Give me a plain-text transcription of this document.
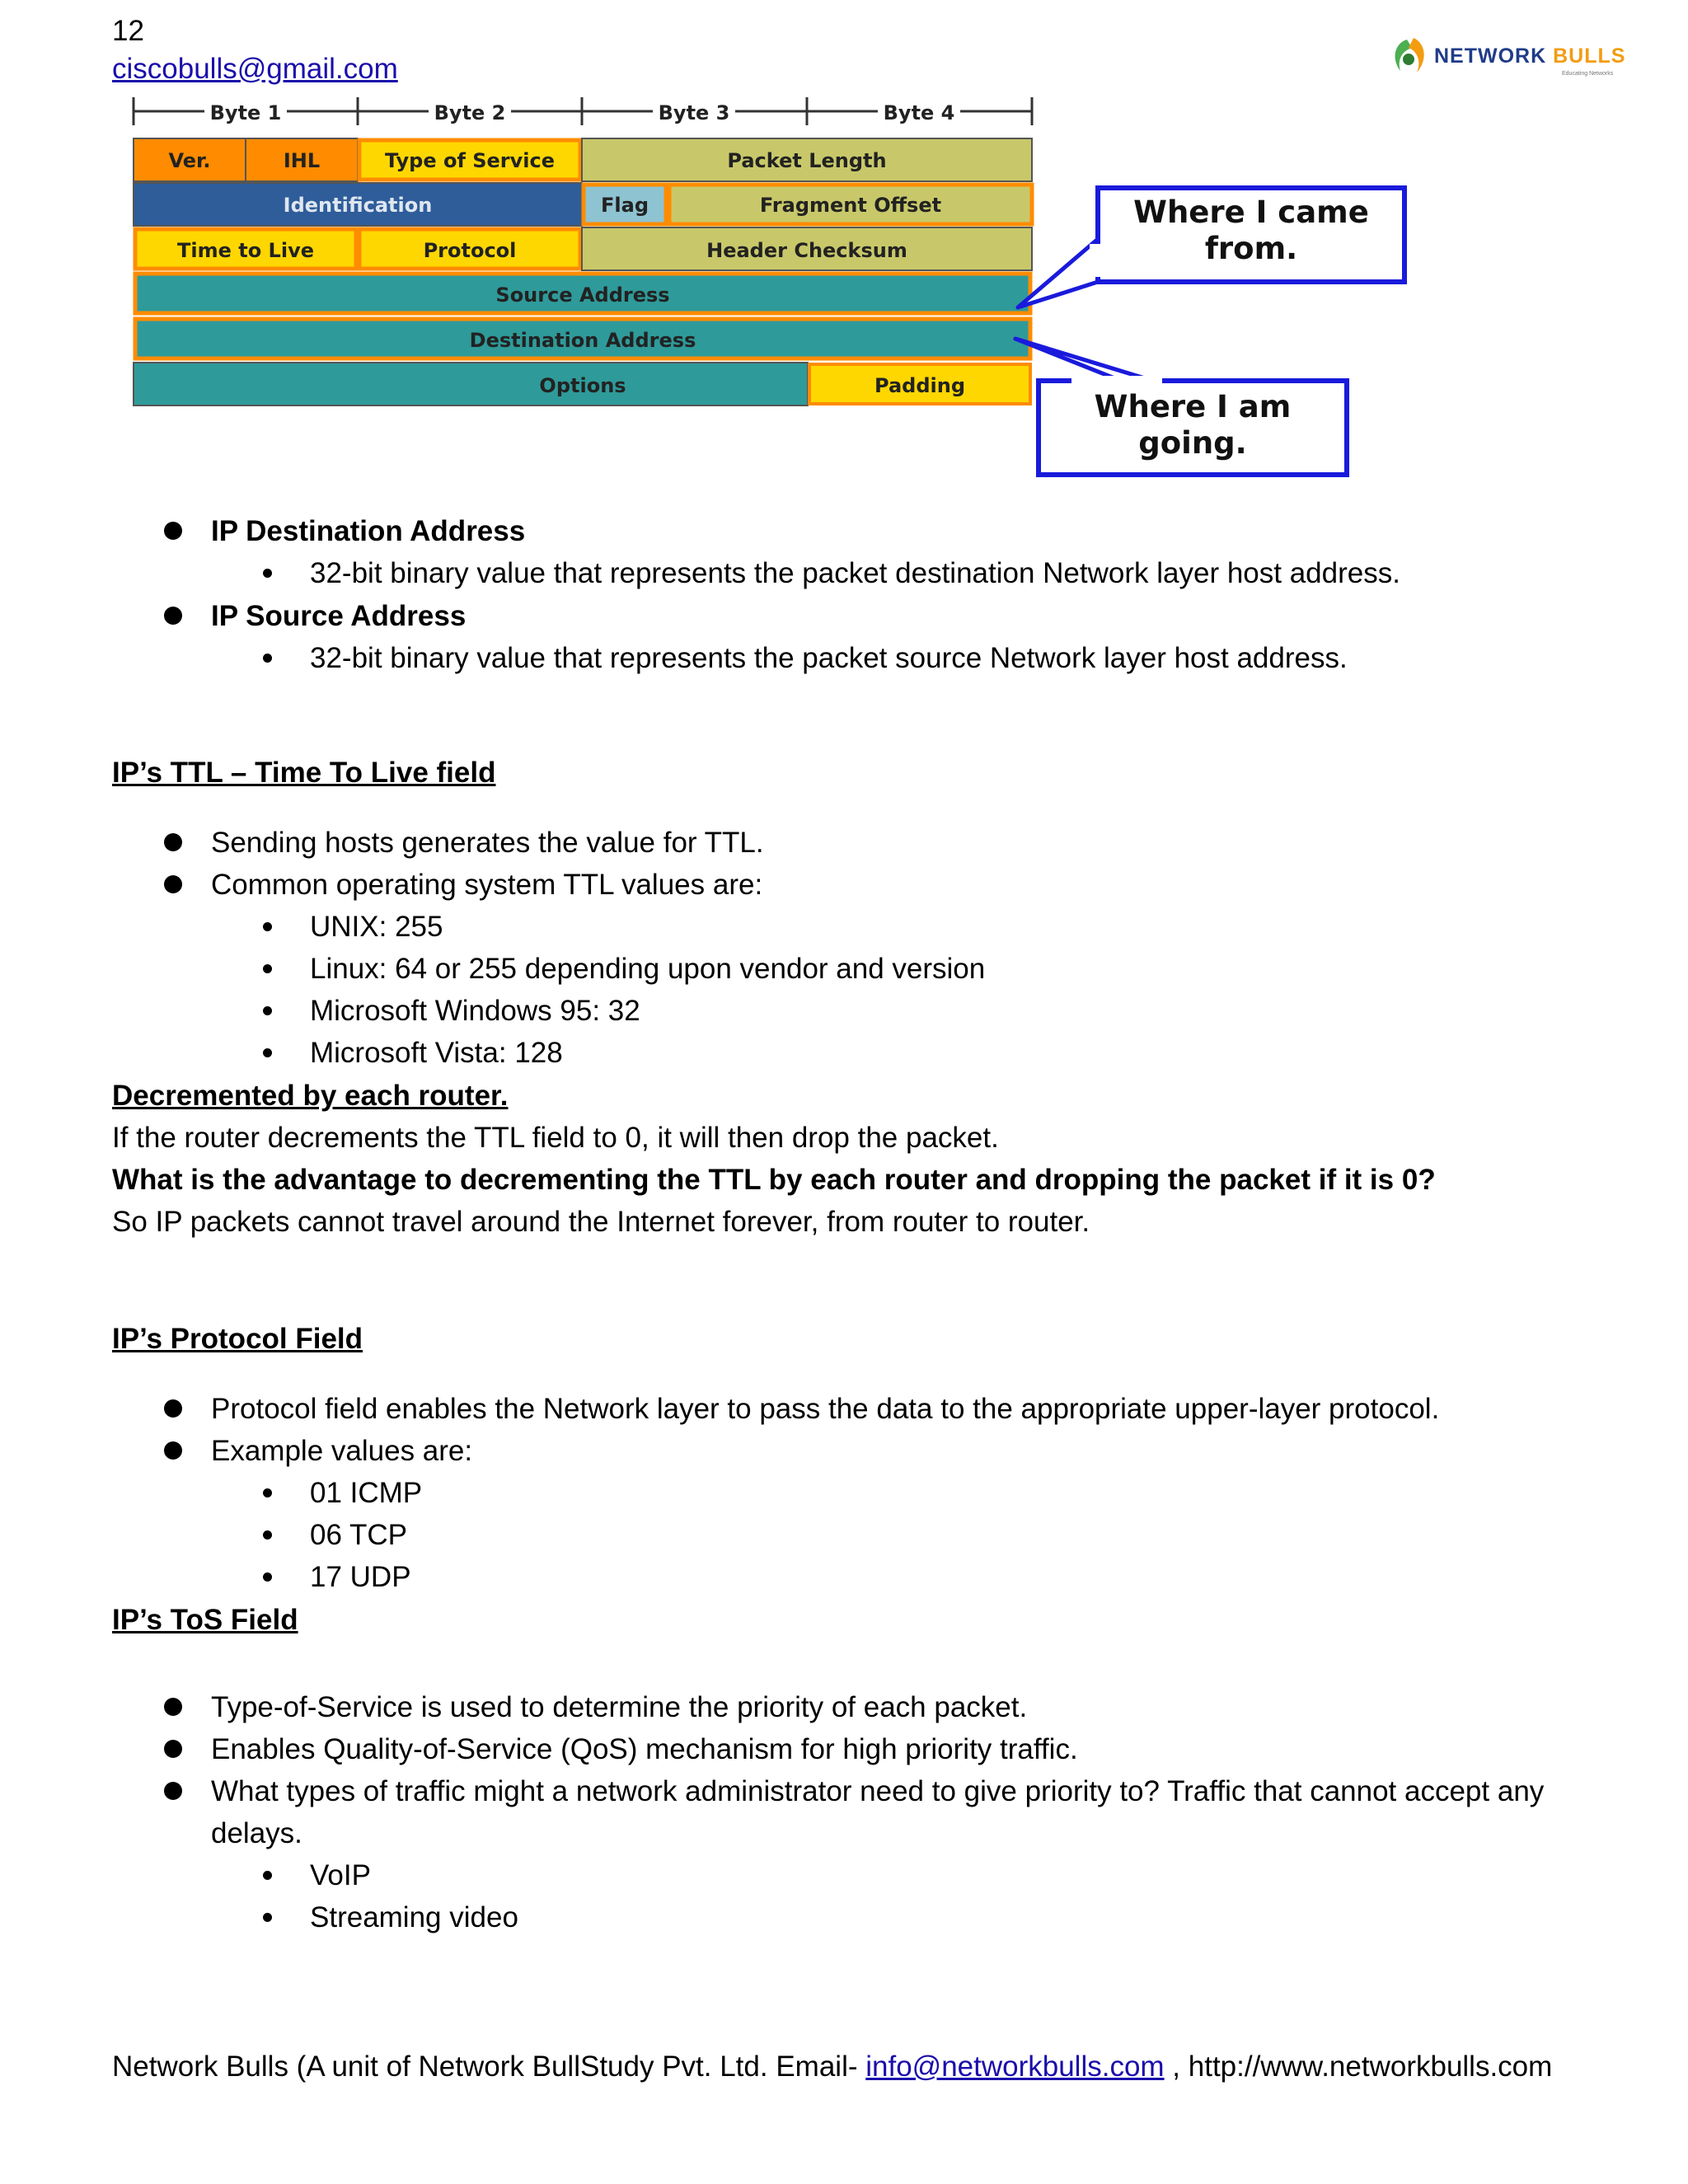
12
ciscobulls@gmail.com	NETWORK BULLS
Educating Networks
Byte 1	Byte 2	Byte 3	Byte 4
Ver.	IHL	Type of Service	Packet Length
Identification	Flag	Fragment Offset
Time to Live	Protocol	Header Checksum
Source Address
Destination Address
Options	Padding
Where I came
from.
Where I am
going.
IP Destination Address
32-bit binary value that represents the packet destination Network layer host address.
IP Source Address
32-bit binary value that represents the packet source Network layer host address.
IP’s TTL – Time To Live field
Sending hosts generates the value for TTL.
Common operating system TTL values are:
UNIX: 255
Linux: 64 or 255 depending upon vendor and version
Microsoft Windows 95: 32
Microsoft Vista: 128
Decremented by each router.
If the router decrements the TTL field to 0, it will then drop the packet.
What is the advantage to decrementing the TTL by each router and dropping the packet if it is 0?
So IP packets cannot travel around the Internet forever, from router to router.
IP’s Protocol Field
Protocol field enables the Network layer to pass the data to the appropriate upper-layer protocol.
Example values are:
01 ICMP
06 TCP
17 UDP
IP’s ToS Field
Type-of-Service is used to determine the priority of each packet.
Enables Quality-of-Service (QoS) mechanism for high priority traffic.
What types of traffic might a network administrator need to give priority to? Traffic that cannot accept any
delays.
VoIP
Streaming video
Network Bulls (A unit of Network BullStudy Pvt. Ltd. Email- info@networkbulls.com , http://www.networkbulls.com
